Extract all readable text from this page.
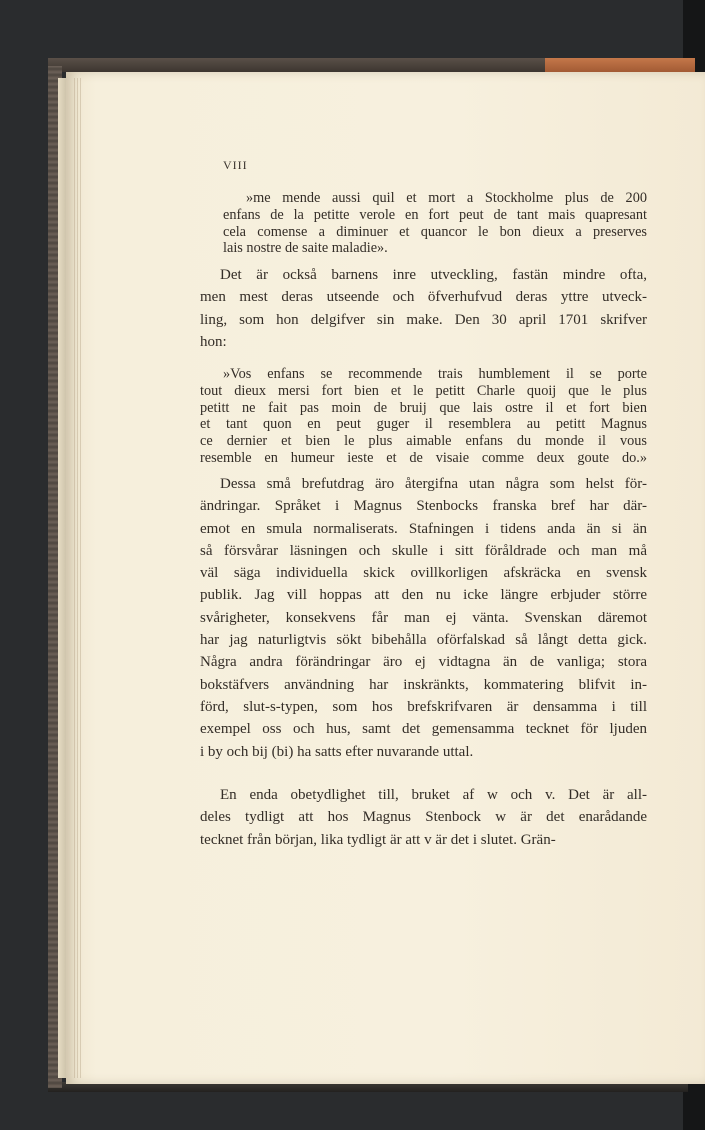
VIII
»me mende aussi quil et mort a Stockholme plus de 200
enfans de la petitte verole en fort peut de tant mais quapresant
cela comense a diminuer et quancor le bon dieux a preserves
lais nostre de saite maladie».
Det är också barnens inre utveckling, fastän mindre ofta,
men mest deras utseende och öfverhufvud deras yttre utveck-
ling, som hon delgifver sin make. Den 30 april 1701 skrifver
hon:
»Vos enfans se recommende trais humblement il se porte
tout dieux mersi fort bien et le petitt Charle quoij que le plus
petitt ne fait pas moin de bruij que lais ostre il et fort bien
et tant quon en peut guger il resemblera au petitt Magnus
ce dernier et bien le plus aimable enfans du monde il vous
resemble en humeur ieste et de visaie comme deux goute do.»
Dessa små brefutdrag äro återgifna utan några som helst för-
ändringar. Språket i Magnus Stenbocks franska bref har där-
emot en smula normaliserats. Stafningen i tidens anda än si än
så försvårar läsningen och skulle i sitt föråldrade och man må
väl säga individuella skick ovillkorligen afskräcka en svensk
publik. Jag vill hoppas att den nu icke längre erbjuder större
svårigheter, konsekvens får man ej vänta. Svenskan däremot
har jag naturligtvis sökt bibehålla oförfalskad så långt detta gick.
Några andra förändringar äro ej vidtagna än de vanliga; stora
bokstäfvers användning har inskränkts, kommatering blifvit in-
förd, slut-s-typen, som hos brefskrifvaren är densamma i till
exempel oss och hus, samt det gemensamma tecknet för ljuden
i by och bij (bi) ha satts efter nuvarande uttal.
En enda obetydlighet till, bruket af w och v. Det är all-
deles tydligt att hos Magnus Stenbock w är det enarådande
tecknet från början, lika tydligt är att v är det i slutet. Grän-
